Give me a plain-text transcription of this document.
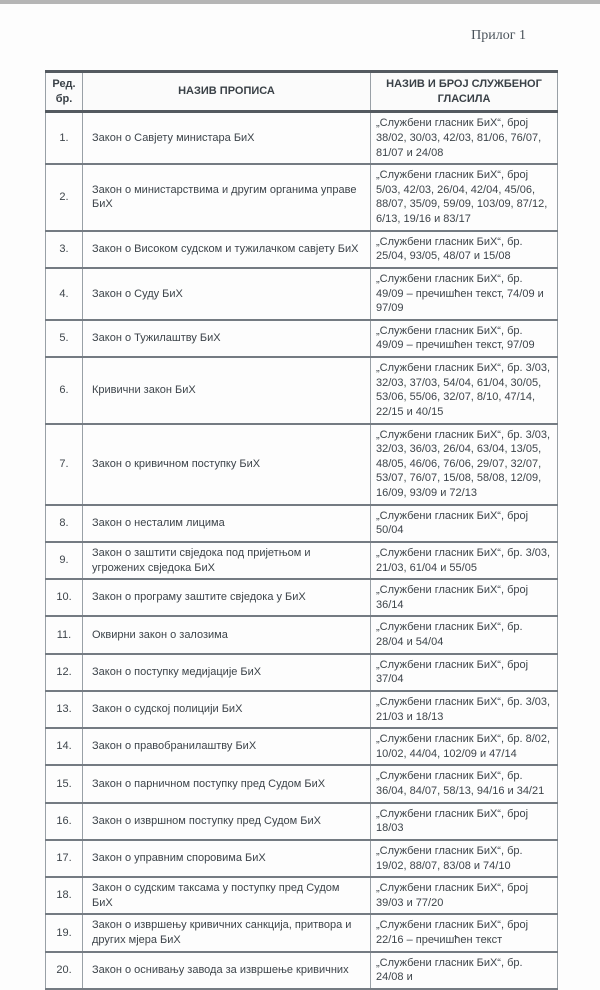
Прилог 1
Ред. бр.	НАЗИВ ПРОПИСА	НАЗИВ И БРОЈ СЛУЖБЕНОГ ГЛАСИЛА
1.	Закон о Савјету министара БиХ	„Службени гласник БиХ“, број 38/02, 30/03, 42/03, 81/06, 76/07, 81/07 и 24/08
2.	Закон о министарствима и другим органима управе БиХ	„Службени гласник БиХ“, број 5/03, 42/03, 26/04, 42/04, 45/06, 88/07, 35/09, 59/09, 103/09, 87/12, 6/13, 19/16 и 83/17
3.	Закон о Високом судском и тужилачком савјету БиХ	„Службени гласник БиХ“, бр. 25/04, 93/05, 48/07 и 15/08
4.	Закон о Суду БиХ	„Службени гласник БиХ“, бр. 49/09 – пречишћен текст, 74/09 и 97/09
5.	Закон о Тужилаштву БиХ	„Службени гласник БиХ“, бр. 49/09 – пречишћен текст, 97/09
6.	Кривични закон БиХ	„Службени гласник БиХ“, бр. 3/03, 32/03, 37/03, 54/04, 61/04, 30/05, 53/06, 55/06, 32/07, 8/10, 47/14, 22/15 и 40/15
7.	Закон о кривичном поступку БиХ	„Службени гласник БиХ“, бр. 3/03, 32/03, 36/03, 26/04, 63/04, 13/05, 48/05, 46/06, 76/06, 29/07, 32/07, 53/07, 76/07, 15/08, 58/08, 12/09, 16/09, 93/09 и 72/13
8.	Закон о несталим лицима	„Службени гласник БиХ“, број 50/04
9.	Закон о заштити свједока под пријетњом и угрожених свједока БиХ	„Службени гласник БиХ“, бр. 3/03, 21/03, 61/04 и 55/05
10.	Закон о програму заштите свједока у БиХ	„Службени гласник БиХ“, број 36/14
11.	Оквирни закон о залозима	„Службени гласник БиХ“, бр. 28/04 и 54/04
12.	Закон о поступку медијације БиХ	„Службени гласник БиХ“, број 37/04
13.	Закон о судској полицији БиХ	„Службени гласник БиХ“, бр. 3/03, 21/03 и 18/13
14.	Закон о правобранилаштву БиХ	„Службени гласник БиХ“, бр. 8/02, 10/02, 44/04, 102/09 и 47/14
15.	Закон о парничном поступку пред Судом БиХ	„Службени гласник БиХ“, бр. 36/04, 84/07, 58/13, 94/16 и 34/21
16.	Закон о извршном поступку пред Судом БиХ	„Службени гласник БиХ“, број 18/03
17.	Закон о управним споровима БиХ	„Службени гласник БиХ“, бр. 19/02, 88/07, 83/08 и 74/10
18.	Закон о судским таксама у поступку пред Судом БиХ	„Службени гласник БиХ“, број 39/03 и 77/20
19.	Закон о извршењу кривичних санкција, притвора и других мјера БиХ	„Службени гласник БиХ“, број 22/16 – пречишћен текст
20.	Закон о оснивању завода за извршење кривичних	„Службени гласник БиХ“, бр. 24/08 и
